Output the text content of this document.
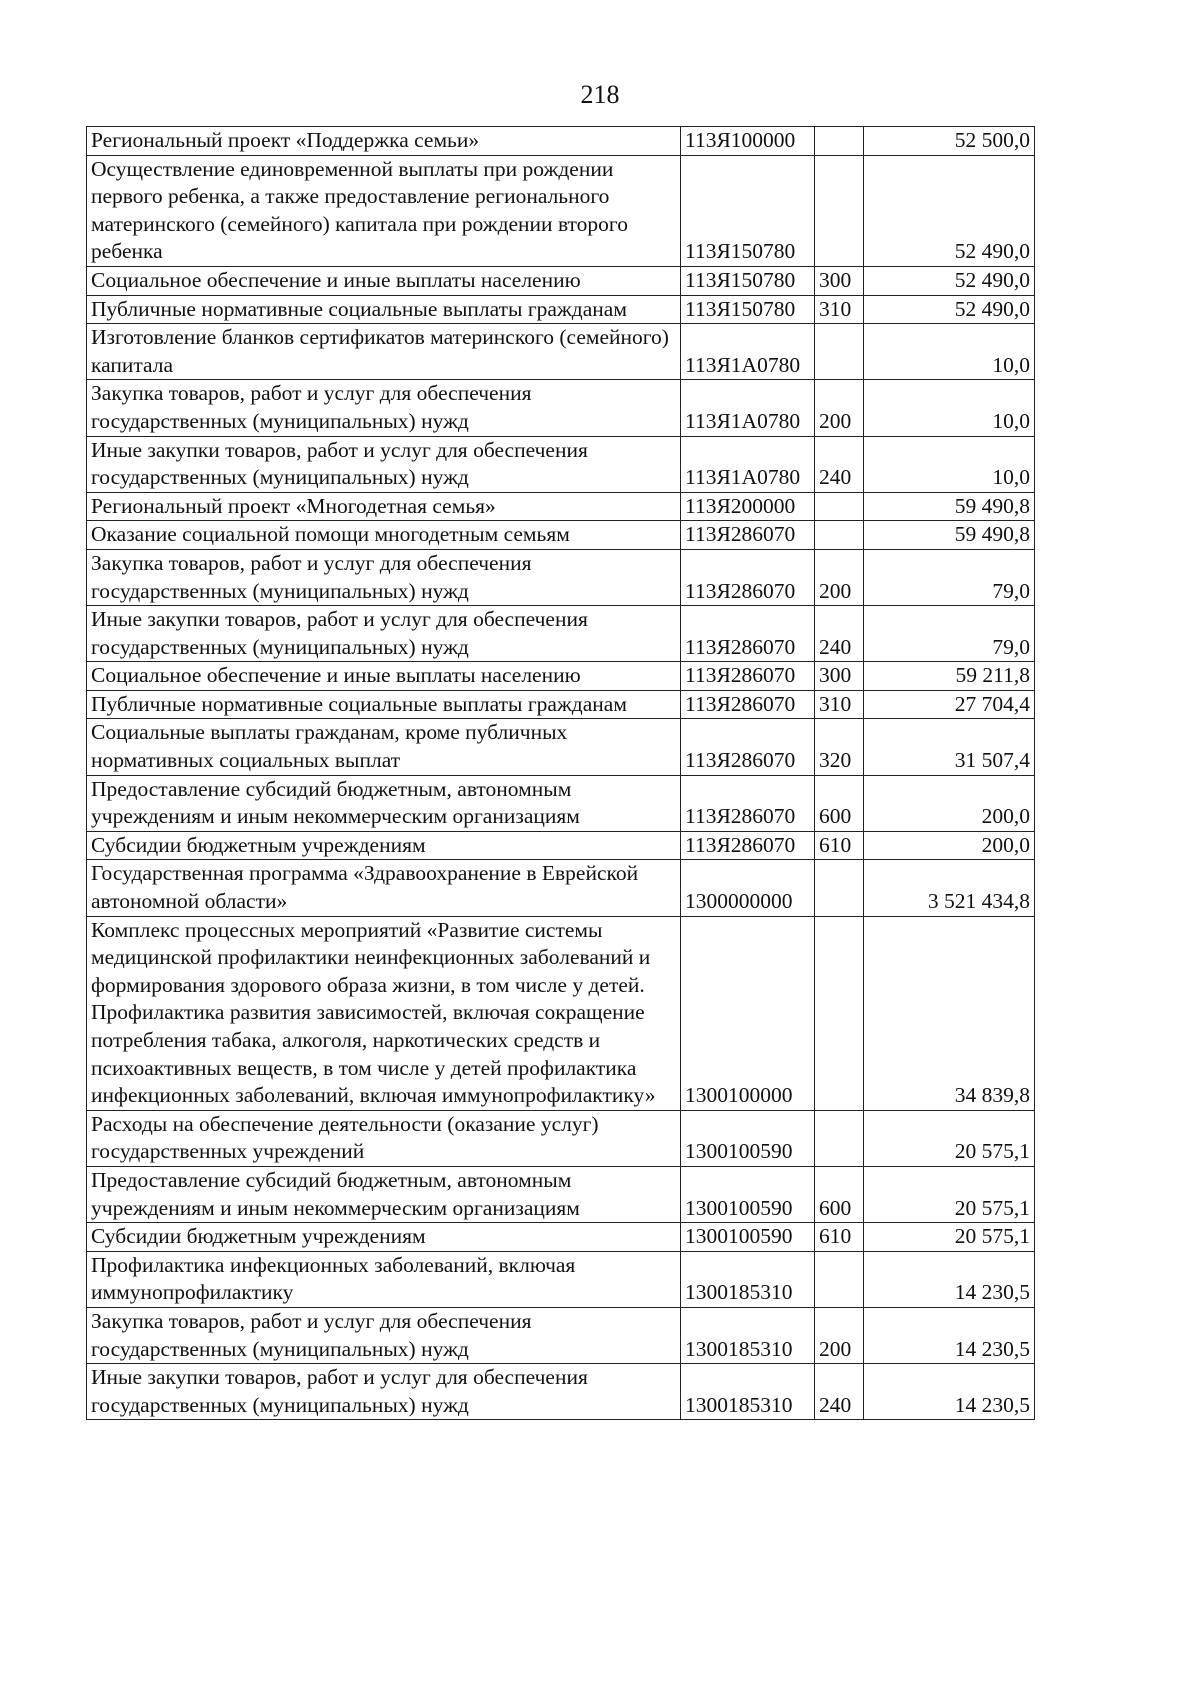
218
Региональный проект «Поддержка семьи»	113Я100000		52 500,0
Осуществление единовременной выплаты при рождении первого ребенка, а также предоставление регионального материнского (семейного) капитала при рождении второго ребенка	113Я150780		52 490,0
Социальное обеспечение и иные выплаты населению	113Я150780	300	52 490,0
Публичные нормативные социальные выплаты гражданам	113Я150780	310	52 490,0
Изготовление бланков сертификатов материнского (семейного) капитала	113Я1А0780		10,0
Закупка товаров, работ и услуг для обеспечения государственных (муниципальных) нужд	113Я1А0780	200	10,0
Иные закупки товаров, работ и услуг для обеспечения государственных (муниципальных) нужд	113Я1А0780	240	10,0
Региональный проект «Многодетная семья»	113Я200000		59 490,8
Оказание социальной помощи многодетным семьям	113Я286070		59 490,8
Закупка товаров, работ и услуг для обеспечения государственных (муниципальных) нужд	113Я286070	200	79,0
Иные закупки товаров, работ и услуг для обеспечения государственных (муниципальных) нужд	113Я286070	240	79,0
Социальное обеспечение и иные выплаты населению	113Я286070	300	59 211,8
Публичные нормативные социальные выплаты гражданам	113Я286070	310	27 704,4
Социальные выплаты гражданам, кроме публичных нормативных социальных выплат	113Я286070	320	31 507,4
Предоставление субсидий бюджетным, автономным учреждениям и иным некоммерческим организациям	113Я286070	600	200,0
Субсидии бюджетным учреждениям	113Я286070	610	200,0
Государственная программа «Здравоохранение в Еврейской автономной области»	1300000000		3 521 434,8
Комплекс процессных мероприятий «Развитие системы медицинской профилактики неинфекционных заболеваний и формирования здорового образа жизни, в том числе у детей. Профилактика развития зависимостей, включая сокращение потребления табака, алкоголя, наркотических средств и психоактивных веществ, в том числе у детей профилактика инфекционных заболеваний, включая иммунопрофилактику»	1300100000		34 839,8
Расходы на обеспечение деятельности (оказание услуг) государственных учреждений	1300100590		20 575,1
Предоставление субсидий бюджетным, автономным учреждениям и иным некоммерческим организациям	1300100590	600	20 575,1
Субсидии бюджетным учреждениям	1300100590	610	20 575,1
Профилактика инфекционных заболеваний, включая иммунопрофилактику	1300185310		14 230,5
Закупка товаров, работ и услуг для обеспечения государственных (муниципальных) нужд	1300185310	200	14 230,5
Иные закупки товаров, работ и услуг для обеспечения государственных (муниципальных) нужд	1300185310	240	14 230,5
